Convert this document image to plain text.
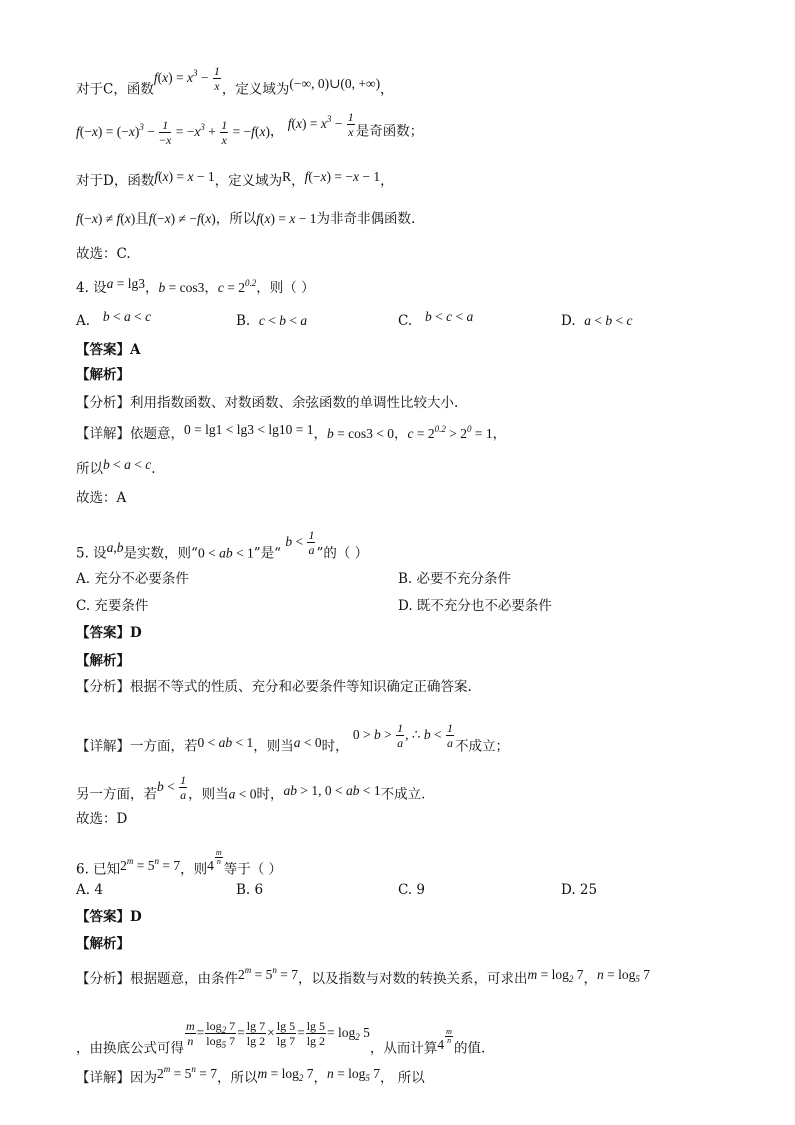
对于C，函数$f(x) = x^3 - \frac{1}{x}$ ，定义域为(−∞, 0)∪(0, +∞)，
$f(-x) = (-x)^3 - \frac{1}{-x} = -x^3 + \frac{1}{x} = -f(x)$， $f(x) = x^3 - \frac{1}{x}$ 是奇函数；
对于D，函数f(x) = x − 1，定义域为R，f(−x) = −x − 1，
f(−x) ≠ f(x)且f(−x) ≠ −f(x)，所以f(x) = x − 1为非奇非偶函数.
故选：C.
4. 设a = lg3，b = cos3，$c = 2^{0.2}$，则（ ）
A. b < a < c	B. c < b < a	C. b < c < a	D. a < b < c
【答案】A
【解析】
【分析】利用指数函数、对数函数、余弦函数的单调性比较大小.
【详解】依题意，0 = lg1 < lg3 < lg10 = 1，b = cos3 < 0，$c = 2^{0.2} > 2^0 = 1$，
所以b < a < c.
故选：A
5. 设a,b是实数，则“0 < ab < 1”是“ $b < \frac{1}{a}$ ”的（ ）
A. 充分不必要条件	B. 必要不充分条件
C. 充要条件	D. 既不充分也不必要条件
【答案】D
【解析】
【分析】根据不等式的性质、充分和必要条件等知识确定正确答案.
【详解】一方面，若0 < ab < 1，则当a < 0时， $0 > b > \frac{1}{a}$ , ∴ $b < \frac{1}{a}$ 不成立；
另一方面，若$b < \frac{1}{a}$ ，则当a < 0时，ab > 1, 0 < ab < 1不成立.
故选：D
6. 已知$2^m = 5^n = 7$，则4 $^{\frac{m}{n}}$
等于（ ）
A. 4	B. 6	C. 9	D. 25
【答案】D
【解析】
【分析】根据题意，由条件$2^m = 5^n = 7$，以及指数与对数的转换关系，可求出$m = \log_2 7$，$n = \log_5 7$
，由换底公式可得
$\frac{m}{n} = \frac{\log_2 7}{\log_5 7} = \frac{\lg 7}{\lg 2} \times \frac{\lg 5}{\lg 7} = \frac{\lg 5}{\lg 2} = \log_2 5$，从而计算4 $^{\frac{m}{n}}$
的值.
【详解】因为$2^m = 5^n = 7$，所以$m = \log_2 7$，$n = \log_5 7$， 所以
